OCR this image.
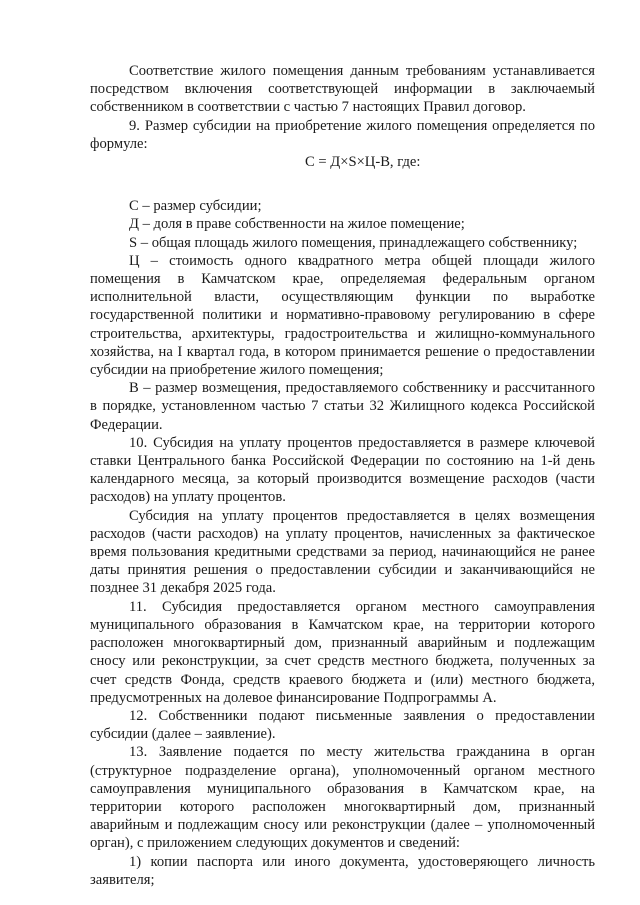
Соответствие жилого помещения данным требованиям устанавливается посредством включения соответствующей информации в заключаемый собственником в соответствии с частью 7 настоящих Правил договор.

9. Размер субсидии на приобретение жилого помещения определяется по формуле:

С = Д×S×Ц-В, где:

С – размер субсидии;

Д – доля в праве собственности на жилое помещение;

S – общая площадь жилого помещения, принадлежащего собственнику;

Ц – стоимость одного квадратного метра общей площади жилого помещения в Камчатском крае, определяемая федеральным органом исполнительной власти, осуществляющим функции по выработке государственной политики и нормативно-правовому регулированию в сфере строительства, архитектуры, градостроительства и жилищно-коммунального хозяйства, на I квартал года, в котором принимается решение о предоставлении субсидии на приобретение жилого помещения;

В – размер возмещения, предоставляемого собственнику и рассчитанного в порядке, установленном частью 7 статьи 32 Жилищного кодекса Российской Федерации.

10. Субсидия на уплату процентов предоставляется в размере ключевой ставки Центрального банка Российской Федерации по состоянию на 1-й день календарного месяца, за который производится возмещение расходов (части расходов) на уплату процентов.

Субсидия на уплату процентов предоставляется в целях возмещения расходов (части расходов) на уплату процентов, начисленных за фактическое время пользования кредитными средствами за период, начинающийся не ранее даты принятия решения о предоставлении субсидии и заканчивающийся не позднее 31 декабря 2025 года.

11. Субсидия предоставляется органом местного самоуправления муниципального образования в Камчатском крае, на территории которого расположен многоквартирный дом, признанный аварийным и подлежащим сносу или реконструкции, за счет средств местного бюджета, полученных за счет средств Фонда, средств краевого бюджета и (или) местного бюджета, предусмотренных на долевое финансирование Подпрограммы А.

12. Собственники подают письменные заявления о предоставлении субсидии (далее – заявление).

13. Заявление подается по месту жительства гражданина в орган (структурное подразделение органа), уполномоченный органом местного самоуправления муниципального образования в Камчатском крае, на территории которого расположен многоквартирный дом, признанный аварийным и подлежащим сносу или реконструкции (далее – уполномоченный орган), с приложением следующих документов и сведений:

1) копии паспорта или иного документа, удостоверяющего личность заявителя;
